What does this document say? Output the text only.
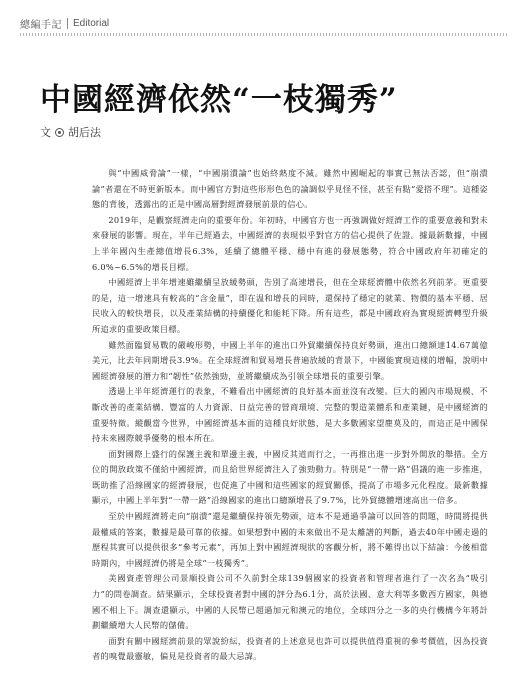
總編手記 Editorial
中國經濟依然“一枝獨秀”
文 胡后法

與“中國威脅論”一樣，“中國崩潰論”也始終熱度不減。雖然中國崛起的事實已無法否認，但“崩潰論”者還在不時更新版本。而中國官方對這些形形色色的論調似乎見怪不怪，甚至有點“愛搭不理”。這種姿態的背後，透露出的正是中國高層對經濟發展前景的信心。

2019年，是觀察經濟走向的重要年份。年初時，中國官方也一再強調做好經濟工作的重要意義和對未來發展的影響。現在，半年已經過去，中國經濟的表現似乎對官方的信心提供了佐證。據最新數據，中國上半年國內生產總值增長6.3%，延續了總體平穩、穩中有進的發展態勢，符合中國政府年初確定的6.0%~6.5%的增長目標。

中國經濟上半年增速雖繼續呈放緩勢頭，告別了高速增長，但在全球經濟體中依然名列前茅。更重要的是，這一增速具有較高的“含金量”，即在温和增長的同時，還保持了穩定的就業、物價的基本平穩、居民收入的較快增長，以及產業結構的持續優化和能耗下降。所有這些，都是中國政府為實現經濟轉型升級所追求的重要政策目標。

雖然面臨貿易戰的嚴峻形勢，中國上半年的進出口外貿繼續保持良好勢頭，進出口總額達14.67萬億美元，比去年同期增長3.9%。在全球經濟和貿易增長普遍放緩的背景下，中國能實現這樣的增幅，說明中國經濟發展的潛力和“韌性”依然強勁，並將繼續成為引領全球增長的重要引擎。

透過上半年經濟運行的表象，不難看出中國經濟的良好基本面並沒有改變。巨大的國內市場規模、不斷改善的產業結構、豐富的人力資源、日益完善的營商環境、完整的製造業體系和產業鏈，是中國經濟的重要特徵。縱觀當今世界，中國經濟基本面的這種良好狀態，是大多數國家望塵莫及的，而這正是中國保持未來國際競爭優勢的根本所在。

面對國際上盛行的保護主義和單邊主義，中國反其道而行之，一再推出進一步對外開放的舉措。全方位的開放政策不僅給中國經濟，而且給世界經濟注入了強勁動力。特別是“一帶一路”倡議的進一步推進，既助推了沿線國家的經濟發展，也促進了中國和這些國家的經貿關係，提高了市場多元化程度。最新數據顯示，中國上半年對“一帶一路”沿線國家的進出口總額增長了9.7%，比外貿總體增速高出一倍多。

至於中國經濟將走向“崩潰”還是繼續保持領先勢頭，這本不是通過爭論可以回答的問題，時間將提供最權威的答案，數據是最可靠的依據。如果想對中國的未來做出不是太離譜的判斷，過去40年中國走過的歷程其實可以提供很多“參考元素”，再加上對中國經濟現狀的客觀分析，將不難得出以下結論：今後相當時期內，中國經濟仍將是全球“一枝獨秀”。

美國資產管理公司景順投資公司不久前對全球139個國家的投資者和管理者進行了一次名為“吸引力”的問卷調查。結果顯示，全球投資者對中國的評分為6.1分，高於法國、意大利等多數西方國家，與德國不相上下。調查還顯示，中國的人民幣已超過加元和澳元的地位，全球四分之一多的央行機構今年將計劃繼續增大人民幣的儲備。

面對有關中國經濟前景的眾說紛紜，投資者的上述意見也許可以提供值得重視的參考價值，因為投資者的嗅覺最靈敏，偏見是投資者的最大忌諱。
